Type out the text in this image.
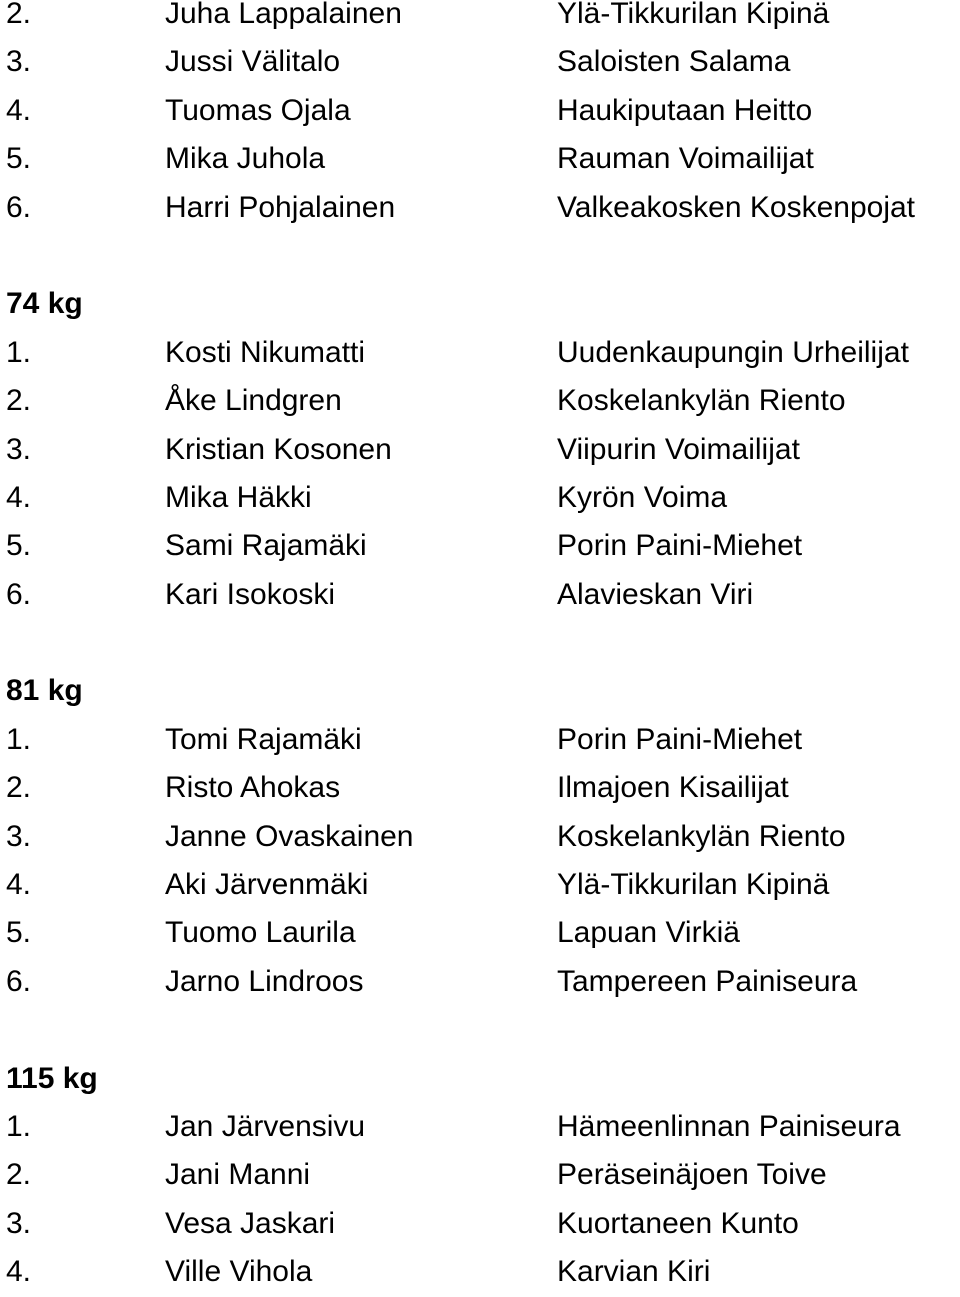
2.	Juha Lappalainen	Ylä-Tikkurilan Kipinä
3.	Jussi Välitalo	Saloisten Salama
4.	Tuomas Ojala	Haukiputaan Heitto
5.	Mika Juhola	Rauman Voimailijat
6.	Harri Pohjalainen	Valkeakosken Koskenpojat
74 kg
1.	Kosti Nikumatti	Uudenkaupungin Urheilijat
2.	Åke Lindgren	Koskelankylän Riento
3.	Kristian Kosonen	Viipurin Voimailijat
4.	Mika Häkki	Kyrön Voima
5.	Sami Rajamäki	Porin Paini-Miehet
6.	Kari Isokoski	Alavieskan Viri
81 kg
1.	Tomi Rajamäki	Porin Paini-Miehet
2.	Risto Ahokas	Ilmajoen Kisailijat
3.	Janne Ovaskainen	Koskelankylän Riento
4.	Aki Järvenmäki	Ylä-Tikkurilan Kipinä
5.	Tuomo Laurila	Lapuan Virkiä
6.	Jarno Lindroos	Tampereen Painiseura
115 kg
1.	Jan Järvensivu	Hämeenlinnan Painiseura
2.	Jani Manni	Peräseinäjoen Toive
3.	Vesa Jaskari	Kuortaneen Kunto
4.	Ville Vihola	Karvian Kiri
